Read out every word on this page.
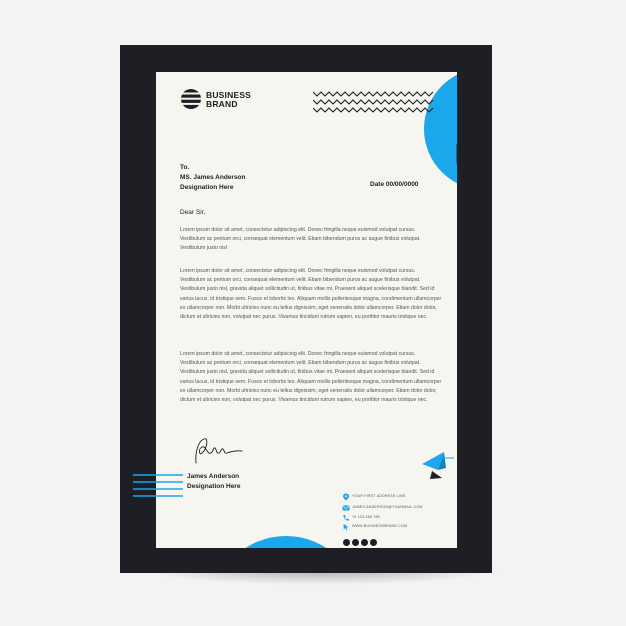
BUSINESS
BRAND
To.
MS. James Anderson
Designation Here	Date 00/00/0000
Dear Sir,
Lorem ipsum dolor sit amet, consectetur adipiscing elit. Donec fringilla neque euismod volutpat cursus. Vestibulum ac pretium orci, consequat elementum velit. Etiam bibendum purus ac augue finibus volutpat. Vestibulum justo nisl
Lorem ipsum dolor sit amet, consectetur adipiscing elit. Donec fringilla neque euismod volutpat cursus. Vestibulum ac pretium orci, consequat elementum velit. Etiam bibendum purus ac augue finibus volutpat. Vestibulum justo nisl, gravida aliquet sollicitudin ut, finibus vitae mi. Praesent aliquet scelerisque blandit. Sed id varius lacus, id tristique sem. Fusce et lobortis leo. Aliquam mollis pellentesque magna, condimentum ullamcorper ex ullamcorper non. Morbi ultricies nunc eu tellus dignissim, eget venenatis dolor ullamcorper. Etiam dolor dolor, dictum et ultricies non, volutpat nec purus. Vivamus tincidunt rutrum sapien, eu porttitor mauris tristique nec.
Lorem ipsum dolor sit amet, consectetur adipiscing elit. Donec fringilla neque euismod volutpat cursus. Vestibulum ac pretium orci, consequat elementum velit. Etiam bibendum purus ac augue finibus volutpat. Vestibulum justo nisl, gravida aliquet sollicitudin ut, finibus vitae mi. Praesent aliquet scelerisque blandit. Sed id varius lacus, id tristique sem. Fusce et lobortis leo. Aliquam mollis pellentesque magna, condimentum ullamcorper ex ullamcorper non. Morbi ultricies nunc eu tellus dignissim, eget venenatis dolor ullamcorper. Etiam dolor dolor, dictum et ultricies non, volutpat nec purus. Vivamus tincidunt rutrum sapien, eu porttitor mauris tristique nec.
James Anderson
Designation Here
YOUR FIRST ADDRESS LINE
JAMES.ANDERSON@YOURMAIL.COM
+0 123 456 789
WWW.BUSINESSBRAND.COM
